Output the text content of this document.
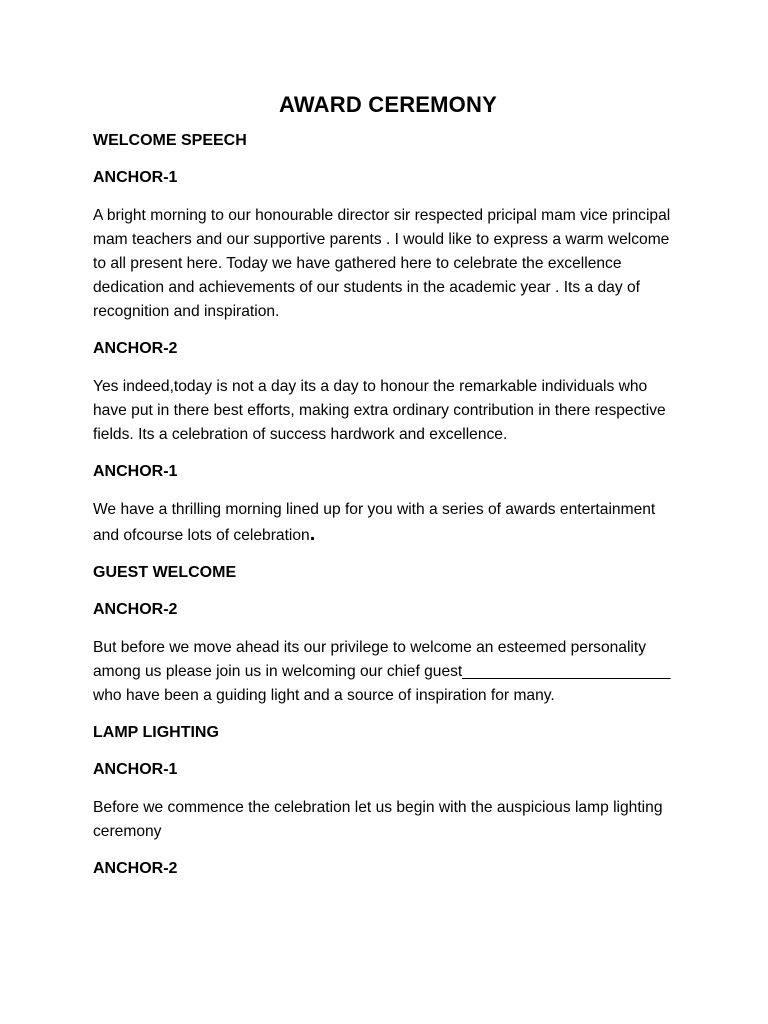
AWARD CEREMONY
WELCOME SPEECH
ANCHOR-1
A bright morning to our honourable director sir respected pricipal mam vice principal mam teachers and our supportive parents . I would like to express a warm welcome to all present here. Today we have gathered here to celebrate the excellence dedication and achievements of our students in the academic year . Its a day of recognition and inspiration.
ANCHOR-2
Yes indeed,today is not a day its a day to honour the remarkable individuals who have put in there best efforts, making extra ordinary contribution in there respective fields. Its a celebration of success hardwork and excellence.
ANCHOR-1
We have a thrilling morning lined up for you with a series of awards entertainment and ofcourse lots of celebration.
GUEST WELCOME
ANCHOR-2
But before we move ahead its our privilege to welcome an esteemed personality among us please join us in welcoming our chief guest________________________ who have been a guiding light and a source of inspiration for many.
LAMP LIGHTING
ANCHOR-1
Before we commence the celebration let us begin with the auspicious lamp lighting ceremony
ANCHOR-2
